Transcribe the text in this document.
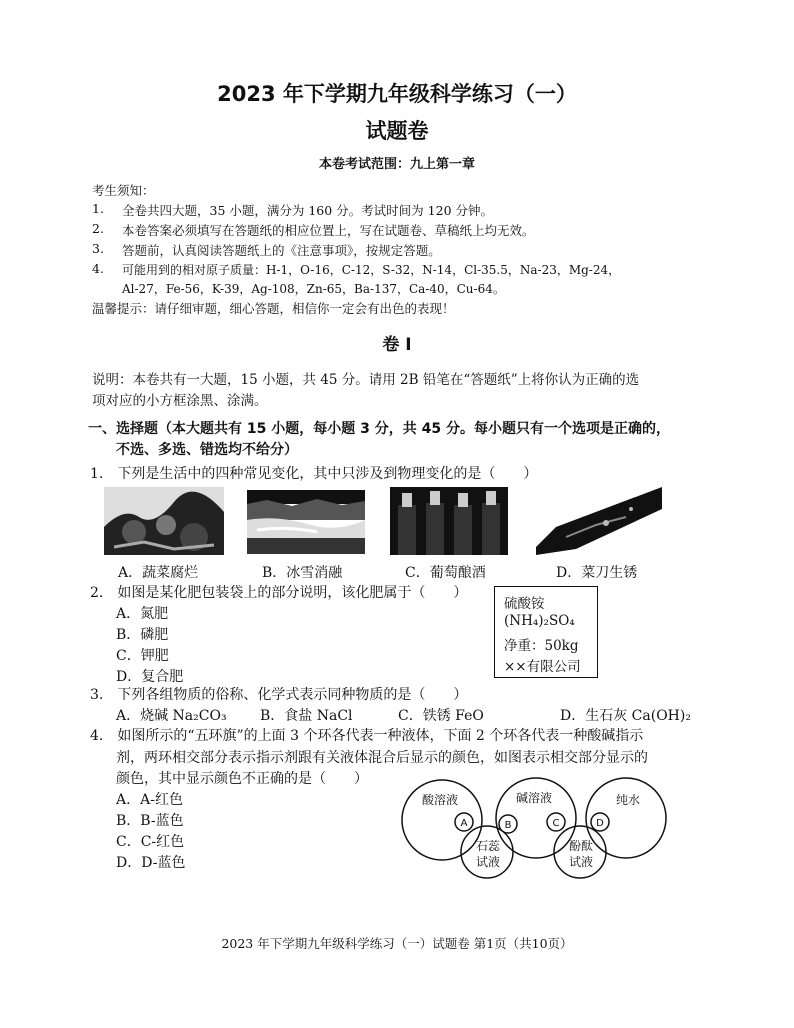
2023 年下学期九年级科学练习（一）
试题卷
本卷考试范围：九上第一章
考生须知：
1. 全卷共四大题，35 小题，满分为 160 分。考试时间为 120 分钟。
2. 本卷答案必须填写在答题纸的相应位置上，写在试题卷、草稿纸上均无效。
3. 答题前，认真阅读答题纸上的《注意事项》，按规定答题。
4. 可能用到的相对原子质量：H-1，O-16，C-12，S-32，N-14，Cl-35.5，Na-23，Mg-24，
Al-27，Fe-56，K-39，Ag-108，Zn-65，Ba-137，Ca-40，Cu-64。
温馨提示：请仔细审题，细心答题，相信你一定会有出色的表现！
卷 Ⅰ
说明：本卷共有一大题，15 小题，共 45 分。请用 2B 铅笔在“答题纸”上将你认为正确的选
项对应的小方框涂黑、涂满。
一、选择题（本大题共有 15 小题，每小题 3 分，共 45 分。每小题只有一个选项是正确的，
不选、多选、错选均不给分）
1.　下列是生活中的四种常见变化，其中只涉及到物理变化的是（　　）
A．蔬菜腐烂	B．冰雪消融	C．葡萄酿酒	D．菜刀生锈
2.　如图是某化肥包装袋上的部分说明，该化肥属于（　　）
A．氮肥
B．磷肥
C．钾肥
D．复合肥
硫酸铵
(NH₄)₂SO₄
净重：50kg
××有限公司
3.　下列各组物质的俗称、化学式表示同种物质的是（　　）
A．烧碱 Na₂CO₃ B．食盐 NaCl	C．铁锈 FeO	D．生石灰 Ca(OH)₂
4.　如图所示的“五环旗”的上面 3 个环各代表一种液体，下面 2 个环各代表一种酸碱指示
剂，两环相交部分表示指示剂跟有关液体混合后显示的颜色，如图表示相交部分显示的
颜色，其中显示颜色不正确的是（　　）
A．A-红色
B．B-蓝色
C．C-红色
D．D-蓝色
酸溶液	碱溶液	纯水
石蕊
试液
酚酞
试液
A	B	C	D
2023 年下学期九年级科学练习（一）试题卷 第1页（共10页）
